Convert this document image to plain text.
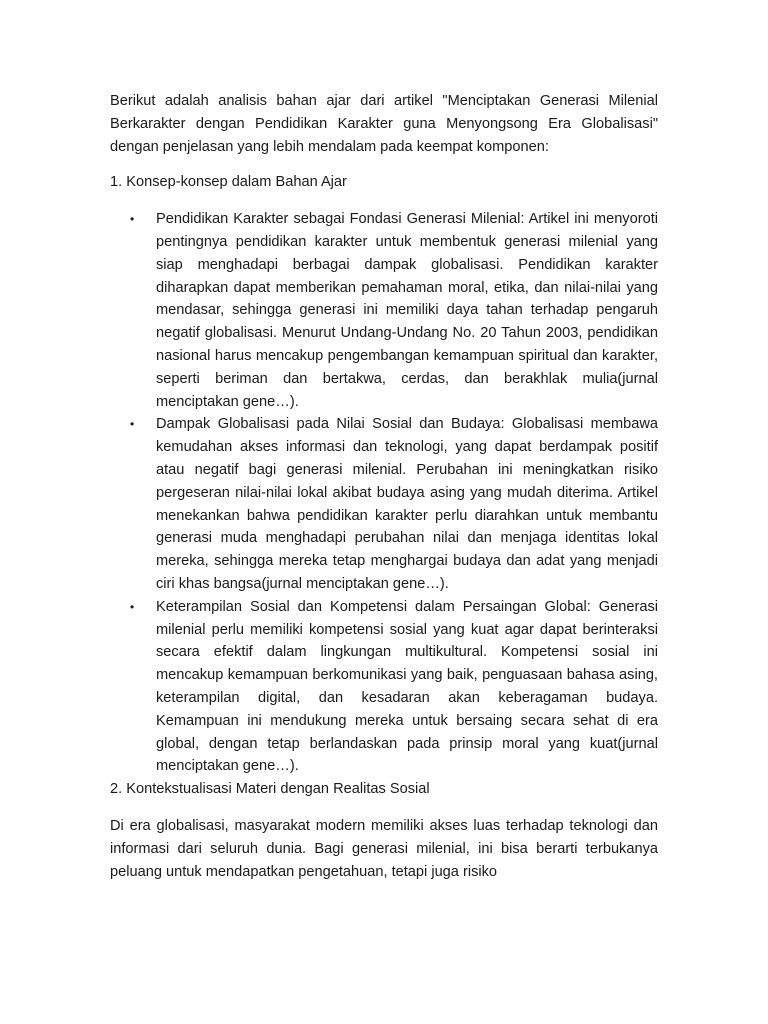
Berikut adalah analisis bahan ajar dari artikel "Menciptakan Generasi Milenial Berkarakter dengan Pendidikan Karakter guna Menyongsong Era Globalisasi" dengan penjelasan yang lebih mendalam pada keempat komponen:

1. Konsep-konsep dalam Bahan Ajar

• Pendidikan Karakter sebagai Fondasi Generasi Milenial: Artikel ini menyoroti pentingnya pendidikan karakter untuk membentuk generasi milenial yang siap menghadapi berbagai dampak globalisasi. Pendidikan karakter diharapkan dapat memberikan pemahaman moral, etika, dan nilai-nilai yang mendasar, sehingga generasi ini memiliki daya tahan terhadap pengaruh negatif globalisasi. Menurut Undang-Undang No. 20 Tahun 2003, pendidikan nasional harus mencakup pengembangan kemampuan spiritual dan karakter, seperti beriman dan bertakwa, cerdas, dan berakhlak mulia(jurnal menciptakan gene…).
• Dampak Globalisasi pada Nilai Sosial dan Budaya: Globalisasi membawa kemudahan akses informasi dan teknologi, yang dapat berdampak positif atau negatif bagi generasi milenial. Perubahan ini meningkatkan risiko pergeseran nilai-nilai lokal akibat budaya asing yang mudah diterima. Artikel menekankan bahwa pendidikan karakter perlu diarahkan untuk membantu generasi muda menghadapi perubahan nilai dan menjaga identitas lokal mereka, sehingga mereka tetap menghargai budaya dan adat yang menjadi ciri khas bangsa(jurnal menciptakan gene…).
• Keterampilan Sosial dan Kompetensi dalam Persaingan Global: Generasi milenial perlu memiliki kompetensi sosial yang kuat agar dapat berinteraksi secara efektif dalam lingkungan multikultural. Kompetensi sosial ini mencakup kemampuan berkomunikasi yang baik, penguasaan bahasa asing, keterampilan digital, dan kesadaran akan keberagaman budaya. Kemampuan ini mendukung mereka untuk bersaing secara sehat di era global, dengan tetap berlandaskan pada prinsip moral yang kuat(jurnal menciptakan gene…).

2. Kontekstualisasi Materi dengan Realitas Sosial

Di era globalisasi, masyarakat modern memiliki akses luas terhadap teknologi dan informasi dari seluruh dunia. Bagi generasi milenial, ini bisa berarti terbukanya peluang untuk mendapatkan pengetahuan, tetapi juga risiko
